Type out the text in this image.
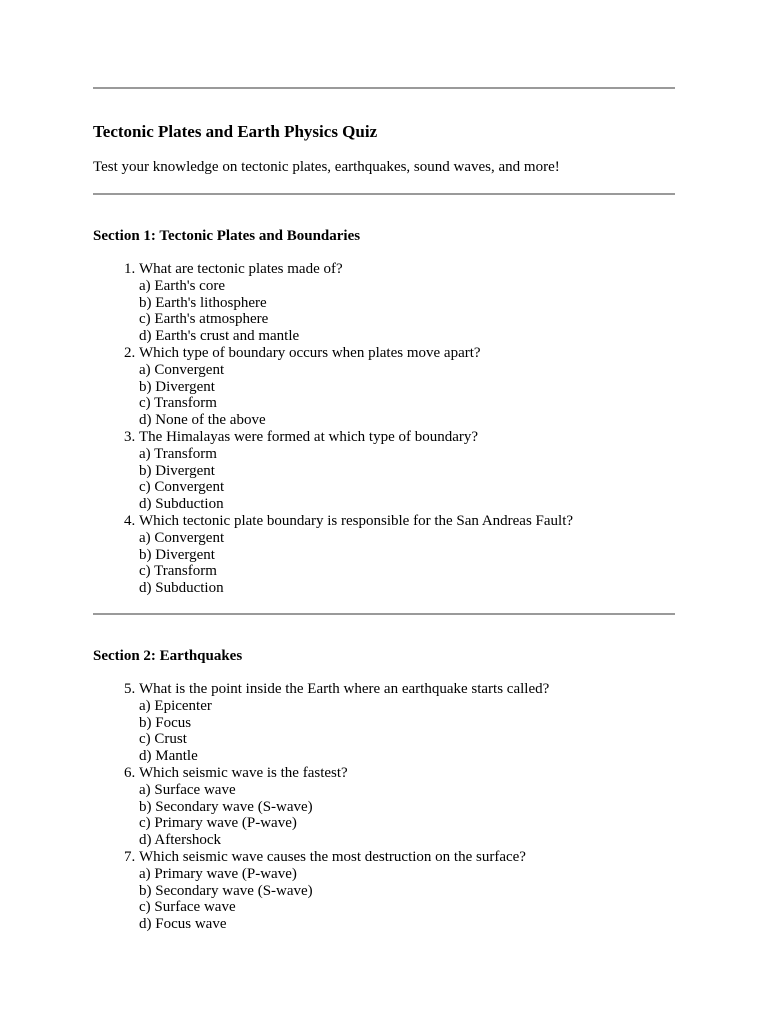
Tectonic Plates and Earth Physics Quiz

Test your knowledge on tectonic plates, earthquakes, sound waves, and more!

Section 1: Tectonic Plates and Boundaries
1. What are tectonic plates made of?
a) Earth's core
b) Earth's lithosphere
c) Earth's atmosphere
d) Earth's crust and mantle
2. Which type of boundary occurs when plates move apart?
a) Convergent
b) Divergent
c) Transform
d) None of the above
3. The Himalayas were formed at which type of boundary?
a) Transform
b) Divergent
c) Convergent
d) Subduction
4. Which tectonic plate boundary is responsible for the San Andreas Fault?
a) Convergent
b) Divergent
c) Transform
d) Subduction
Section 2: Earthquakes
5. What is the point inside the Earth where an earthquake starts called?
a) Epicenter
b) Focus
c) Crust
d) Mantle
6. Which seismic wave is the fastest?
a) Surface wave
b) Secondary wave (S-wave)
c) Primary wave (P-wave)
d) Aftershock
7. Which seismic wave causes the most destruction on the surface?
a) Primary wave (P-wave)
b) Secondary wave (S-wave)
c) Surface wave
d) Focus wave
